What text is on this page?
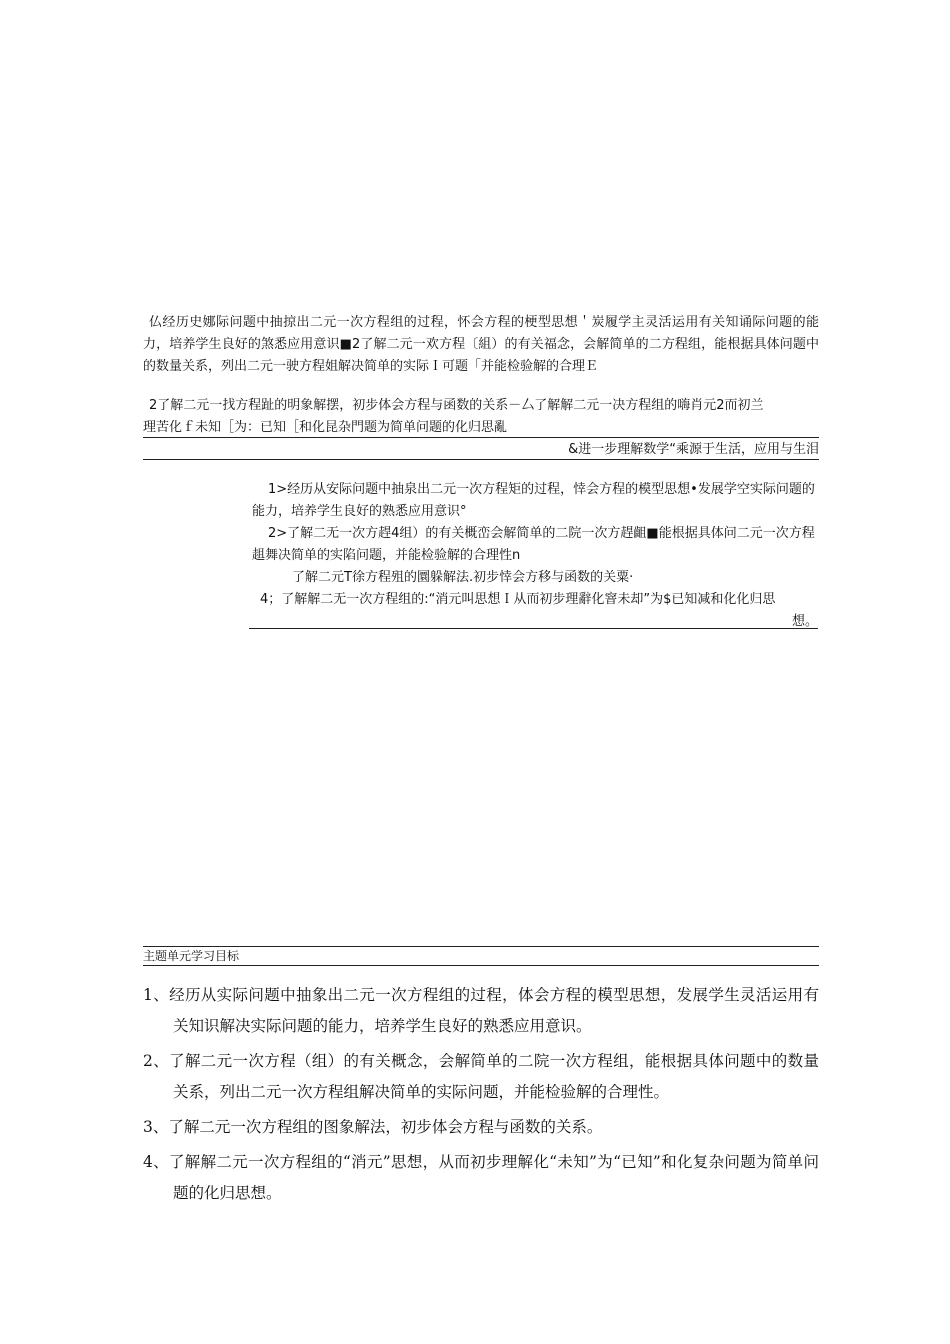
仏经历史娜际问题中抽掠出二元一次方程组的过程，怀会方程的梗型思想＇炭履学主灵活运用有关知诵际问题的能力，培养学生良好的煞悉应用意识■2了解二元一欢方程〔組）的有关福念，会解简单的二方程组，能根据具体问题中的数量关系，列出二元一驶方程姐解决简单的实际Ｉ可题「并能检验解的合理Ｅ

2了解二元一找方程趾的明象解摆，初步体会方程与函数的关系－厶了解解二元一决方程组的嗨肖元2而初兰

理苦化ｆ未知［为：已知［和化昆杂門题为简单问题的化归思亂

&进一步理解数学“乘源于生活，应用与生泪

1>经历从安际问题中抽泉出二元一次方程矩的过程，悻会方程的模型思想•发展学空实际问题的能力，培养学生良好的熟悉应用意识°

2>了解二无一次方趕4组）的有关概峦会解简单的二院一次方趕齟■能根据具体问二元一次方程趄舞决简单的实陷问题，并能检验解的合理性n

了解二元T徐方程殂的圜躲解法.初步悻会方移与函数的关粟·

4；了解解二无一次方程组的:“消元叫思想Ｉ从而初步理辭化窨未却”为$已知减和化化归思

想。

主题单元学习目标

1、经历从实际问题中抽象出二元一次方程组的过程，体会方程的模型思想，发展学生灵活运用有关知识解决实际问题的能力，培养学生良好的熟悉应用意识。

2、了解二元一次方程（组）的有关概念，会解简单的二院一次方程组，能根据具体问题中的数量关系，列出二元一次方程组解决简单的实际问题，并能检验解的合理性。

3、了解二元一次方程组的图象解法，初步体会方程与函数的关系。

4、了解解二元一次方程组的“消元”思想，从而初步理解化“未知”为“已知”和化复杂问题为简单问题的化归思想。
